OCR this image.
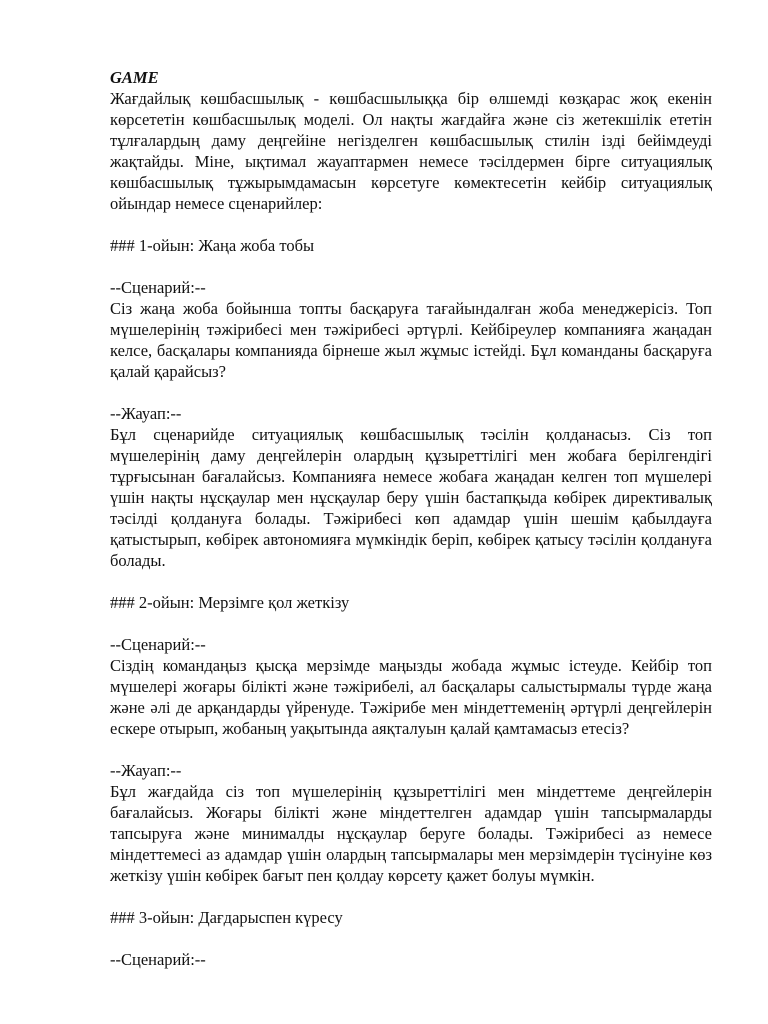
GAME

Жағдайлық көшбасшылық - көшбасшылыққа бір өлшемді көзқарас жоқ екенін көрсететін көшбасшылық моделі. Ол нақты жағдайға және сіз жетекшілік ететін тұлғалардың даму деңгейіне негізделген көшбасшылық стилін ізді бейімдеуді жақтайды. Міне, ықтимал жауаптармен немесе тәсілдермен бірге ситуациялық көшбасшылық тұжырымдамасын көрсетуге көмектесетін кейбір ситуациялық ойындар немесе сценарийлер:

### 1-ойын: Жаңа жоба тобы

--Сценарий:--

Сіз жаңа жоба бойынша топты басқаруға тағайындалған жоба менеджерісіз. Топ мүшелерінің тәжірибесі мен тәжірибесі әртүрлі. Кейбіреулер компанияға жаңадан келсе, басқалары компанияда бірнеше жыл жұмыс істейді. Бұл команданы басқаруға қалай қарайсыз?

--Жауап:--

Бұл сценарийде ситуациялық көшбасшылық тәсілін қолданасыз. Сіз топ мүшелерінің даму деңгейлерін олардың құзыреттілігі мен жобаға берілгендігі тұрғысынан бағалайсыз. Компанияға немесе жобаға жаңадан келген топ мүшелері үшін нақты нұсқаулар мен нұсқаулар беру үшін бастапқыда көбірек директивалық тәсілді қолдануға болады. Тәжірибесі көп адамдар үшін шешім қабылдауға қатыстырып, көбірек автономияға мүмкіндік беріп, көбірек қатысу тәсілін қолдануға болады.

### 2-ойын: Мерзімге қол жеткізу

--Сценарий:--

Сіздің командаңыз қысқа мерзімде маңызды жобада жұмыс істеуде. Кейбір топ мүшелері жоғары білікті және тәжірибелі, ал басқалары салыстырмалы түрде жаңа және әлі де арқандарды үйренуде. Тәжірибе мен міндеттеменің әртүрлі деңгейлерін ескере отырып, жобаның уақытында аяқталуын қалай қамтамасыз етесіз?

--Жауап:--

Бұл жағдайда сіз топ мүшелерінің құзыреттілігі мен міндеттеме деңгейлерін бағалайсыз. Жоғары білікті және міндеттелген адамдар үшін тапсырмаларды тапсыруға және минималды нұсқаулар беруге болады. Тәжірибесі аз немесе міндеттемесі аз адамдар үшін олардың тапсырмалары мен мерзімдерін түсінуіне көз жеткізу үшін көбірек бағыт пен қолдау көрсету қажет болуы мүмкін.

### 3-ойын: Дағдарыспен күресу

--Сценарий:--
